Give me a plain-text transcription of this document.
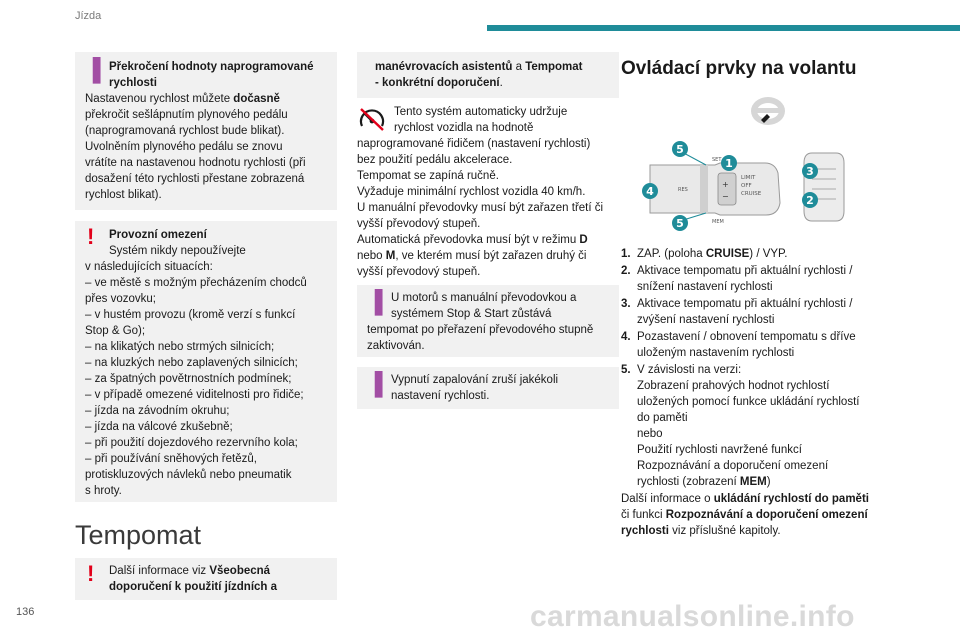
Jízda
▐ Překročení hodnoty naprogramované
rychlosti
Nastavenou rychlost můžete dočasně
překročit sešlápnutím plynového pedálu
(naprogramovaná rychlost bude blikat).
Uvolněním plynového pedálu se znovu
vrátíte na nastavenou hodnotu rychlosti (při
dosažení této rychlosti přestane zobrazená
rychlost blikat).
!	Provozní omezení
Systém nikdy nepoužívejte
v následujících situacích:
– ve městě s možným přecházením chodců
přes vozovku;
– v hustém provozu (kromě verzí s funkcí
Stop & Go);
– na klikatých nebo strmých silnicích;
– na kluzkých nebo zaplavených silnicích;
– za špatných povětrnostních podmínek;
– v případě omezené viditelnosti pro řidiče;
– jízda na závodním okruhu;
– jízda na válcové zkušebně;
– při použití dojezdového rezervního kola;
– při používání sněhových řetězů,
protiskluzových návleků nebo pneumatik
s hroty.
Tempomat
!	Další informace viz Všeobecná
doporučení k použití jízdních a
manévrovacích asistentů a Tempomat
- konkrétní doporučení.
Tento systém automaticky udržuje
rychlost vozidla na hodnotě
naprogramované řidičem (nastavení rychlosti)
bez použití pedálu akcelerace.
Tempomat se zapíná ručně.
Vyžaduje minimální rychlost vozidla 40 km/h.
U manuální převodovky musí být zařazen třetí či
vyšší převodový stupeň.
Automatická převodovka musí být v režimu D
nebo M, ve kterém musí být zařazen druhý či
vyšší převodový stupeň.
▐ U motorů s manuální převodovkou a
systémem Stop & Start zůstává
tempomat po přeřazení převodového stupně
zaktivován.
▐ Vypnutí zapalování zruší jakékoli
nastavení rychlosti.
Ovládací prvky na volantu
+
−
LIMIT
OFF
CRUISE
RES
SET
MEM
5
1
4
5
3
2
1. ZAP. (poloha CRUISE) / VYP.
2. Aktivace tempomatu při aktuální rychlosti /
snížení nastavení rychlosti
3. Aktivace tempomatu při aktuální rychlosti /
zvýšení nastavení rychlosti
4. Pozastavení / obnovení tempomatu s dříve
uloženým nastavením rychlosti
5. V závislosti na verzi:
Zobrazení prahových hodnot rychlostí
uložených pomocí funkce ukládání rychlostí
do paměti
nebo
Použití rychlosti navržené funkcí
Rozpoznávání a doporučení omezení
rychlosti (zobrazení MEM)
Další informace o ukládání rychlostí do paměti
či funkci Rozpoznávání a doporučení omezení
rychlosti viz příslušné kapitoly.
136	carmanualsonline.info
